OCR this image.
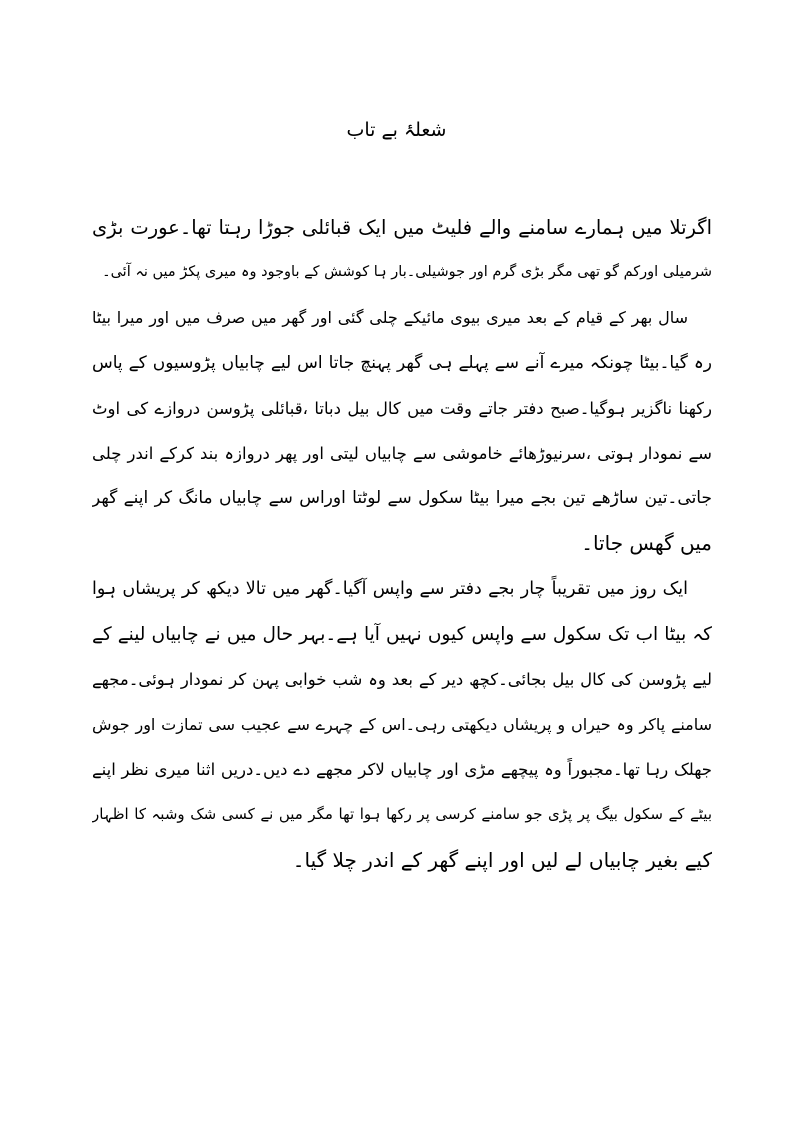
شعلۂ بے تاب
اگرتلا میں ہمارے سامنے والے فلیٹ میں ایک قبائلی جوڑا رہتا تھا۔عورت بڑی
شرمیلی اورکم گو تھی مگر بڑی گرم اور جوشیلی۔بار ہا کوشش کے باوجود وہ میری پکڑ میں نہ آئی۔
سال بھر کے قیام کے بعد میری بیوی مائیکے چلی گئی اور گھر میں صرف میں اور میرا بیٹا
رہ گیا۔بیٹا چونکہ میرے آنے سے پہلے ہی گھر پہنچ جاتا اس لیے چابیاں پڑوسیوں کے پاس
رکھنا ناگزیر ہوگیا۔صبح دفتر جاتے وقت میں کال بیل دباتا ،قبائلی پڑوسن دروازے کی اوٹ
سے نمودار ہوتی ،سرنیوڑھائے خاموشی سے چابیاں لیتی اور پھر دروازہ بند کرکے اندر چلی
جاتی۔تین ساڑھے تین بجے میرا بیٹا سکول سے لوٹتا اوراس سے چابیاں مانگ کر اپنے گھر
میں گھس جاتا۔
ایک روز میں تقریباً چار بجے دفتر سے واپس آگیا۔گھر میں تالا دیکھ کر پریشاں ہوا
کہ بیٹا اب تک سکول سے واپس کیوں نہیں آیا ہے۔بہر حال میں نے چابیاں لینے کے
لیے پڑوسن کی کال بیل بجائی۔کچھ دیر کے بعد وہ شب خوابی پہن کر نمودار ہوئی۔مجھے
سامنے پاکر وہ حیراں و پریشاں دیکھتی رہی۔اس کے چہرے سے عجیب سی تمازت اور جوش
جھلک رہا تھا۔مجبوراً وہ پیچھے مڑی اور چابیاں لاکر مجھے دے دیں۔دریں اثنا میری نظر اپنے
بیٹے کے سکول بیگ پر پڑی جو سامنے کرسی پر رکھا ہوا تھا مگر میں نے کسی شک وشبہ کا اظہار
کیے بغیر چابیاں لے لیں اور اپنے گھر کے اندر چلا گیا۔
